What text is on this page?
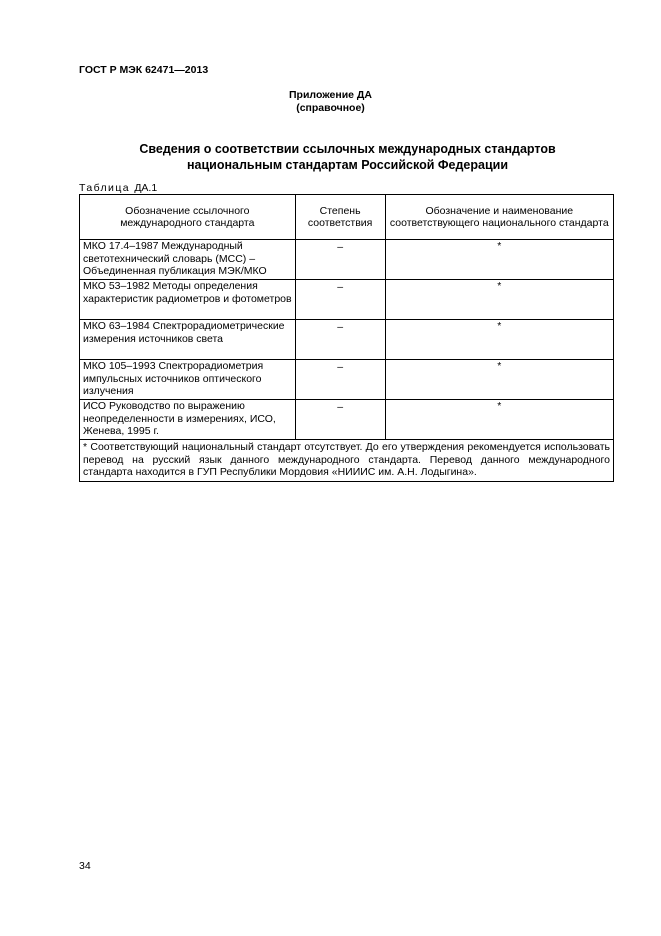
ГОСТ Р МЭК 62471—2013
Приложение ДА
(справочное)
Сведения о соответствии ссылочных международных стандартов
национальным стандартам Российской Федерации
Таблица ДА.1
Обозначение ссылочного международного стандарта	Степень соответствия	Обозначение и наименование соответствующего национального стандарта
МКО 17.4–1987 Международный светотехнический словарь (МСС) – Объединенная публикация МЭК/МКО	–	*
МКО 53–1982 Методы определения характеристик радиометров и фотометров	–	*
МКО 63–1984 Спектрорадиометрические измерения источников света	–	*
МКО 105–1993 Спектрорадиометрия импульсных источников оптического излучения	–	*
ИСО Руководство по выражению неопределенности в измерениях, ИСО, Женева, 1995 г.	–	*
* Соответствующий национальный стандарт отсутствует. До его утверждения рекомендуется использовать перевод на русский язык данного международного стандарта. Перевод данного международного стандарта находится в ГУП Республики Мордовия «НИИИС им. А.Н. Лодыгина».		
34
